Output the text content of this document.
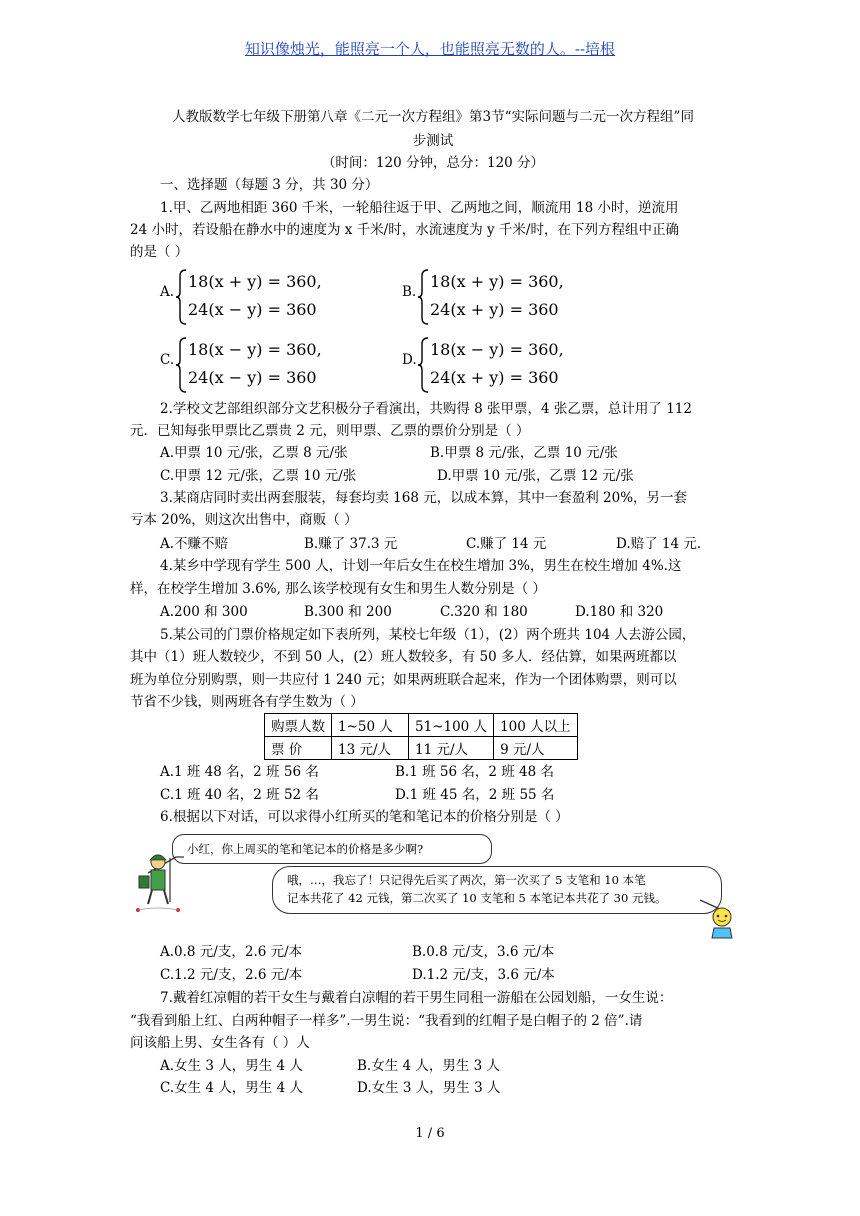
知识像烛光，能照亮一个人，也能照亮无数的人。--培根
人教版数学七年级下册第八章《二元一次方程组》第3节“实际问题与二元一次方程组”同
步测试
（时间：120 分钟，总分：120 分）
一、选择题（每题 3 分，共 30 分）
1.甲、乙两地相距 360 千米，一轮船往返于甲、乙两地之间，顺流用 18 小时，逆流用
24 小时，若设船在静水中的速度为 x 千米/时，水流速度为 y 千米/时，在下列方程组中正确
的是（ ）
A.
18(x + y) = 360,
24(x − y) = 360
B.
18(x + y) = 360,
24(x + y) = 360
C.
18(x − y) = 360,
24(x − y) = 360
D.
18(x − y) = 360,
24(x + y) = 360
2.学校文艺部组织部分文艺积极分子看演出，共购得 8 张甲票，4 张乙票，总计用了 112
元．已知每张甲票比乙票贵 2 元，则甲票、乙票的票价分别是（ ）
A.甲票 10 元/张，乙票 8 元/张	B.甲票 8 元/张，乙票 10 元/张
C.甲票 12 元/张，乙票 10 元/张	D.甲票 10 元/张，乙票 12 元/张
3.某商店同时卖出两套服装，每套均卖 168 元，以成本算，其中一套盈利 20%，另一套
亏本 20%，则这次出售中，商贩（ ）
A.不赚不赔	B.赚了 37.3 元	C.赚了 14 元	D.赔了 14 元.
4.某乡中学现有学生 500 人，计划一年后女生在校生增加 3%，男生在校生增加 4%.这
样，在校学生增加 3.6%, 那么该学校现有女生和男生人数分别是（ ）
A.200 和 300	B.300 和 200	C.320 和 180	D.180 和 320
5.某公司的门票价格规定如下表所列，某校七年级（1），(2）两个班共 104 人去游公园，
其中（1）班人数较少，不到 50 人，(2）班人数较多，有 50 多人．经估算，如果两班都以
班为单位分别购票，则一共应付 1 240 元；如果两班联合起来，作为一个团体购票，则可以
节省不少钱，则两班各有学生数为（ ）
购票人数	1~50 人	51~100 人	100 人以上
票 价	13 元/人	11 元/人	9 元/人
A.1 班 48 名，2 班 56 名	B.1 班 56 名，2 班 48 名
C.1 班 40 名，2 班 52 名	D.1 班 45 名，2 班 55 名
6.根据以下对话，可以求得小红所买的笔和笔记本的价格分别是（ ）
小红，你上周买的笔和笔记本的价格是多少啊?
哦，…，我忘了！只记得先后买了两次，第一次买了 5 支笔和 10 本笔
记本共花了 42 元钱，第二次买了 10 支笔和 5 本笔记本共花了 30 元钱。
A.0.8 元/支，2.6 元/本	B.0.8 元/支，3.6 元/本
C.1.2 元/支，2.6 元/本	D.1.2 元/支，3.6 元/本
7.戴着红凉帽的若干女生与戴着白凉帽的若干男生同租一游船在公园划船，一女生说：
“我看到船上红、白两种帽子一样多”.一男生说：“我看到的红帽子是白帽子的 2 倍”.请
问该船上男、女生各有（ ）人
A.女生 3 人，男生 4 人	B.女生 4 人，男生 3 人
C.女生 4 人，男生 4 人	D.女生 3 人，男生 3 人
1 / 6
